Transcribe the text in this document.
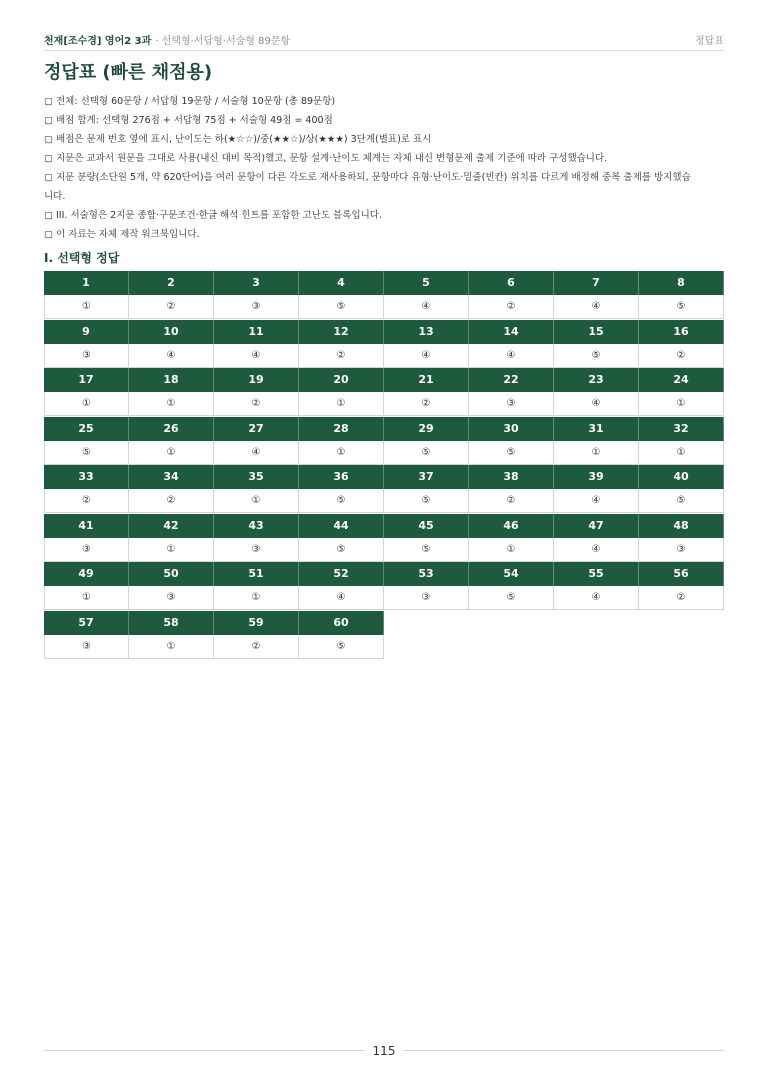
천재[조수경] 영어2 3과 · 선택형·서답형·서술형 89문항	정답표
정답표 (빠른 채점용)
▢ 전체: 선택형 60문항 / 서답형 19문항 / 서술형 10문항 (총 89문항)
▢ 배점 합계: 선택형 276점 + 서답형 75점 + 서술형 49점 = 400점
▢ 배점은 문제 번호 옆에 표시, 난이도는 하(★☆☆)/중(★★☆)/상(★★★) 3단계(별표)로 표시
▢ 지문은 교과서 원문을 그대로 사용(내신 대비 목적)했고, 문항 설계·난이도 체계는 자체 내신 변형문제 출제 기준에 따라 구성했습니다.
▢ 지문 분량(소단원 5개, 약 620단어)을 여러 문항이 다른 각도로 재사용하되, 문항마다 유형·난이도·밑줄(빈칸) 위치를 다르게 배정해 중복 출제를 방지했습
니다.
▢ III. 서술형은 2지문 종합·구문조건·한글 해석 힌트를 포함한 고난도 블록입니다.
▢ 이 자료는 자체 제작 워크북입니다.
I. 선택형 정답
1	2	3	4	5	6	7	8
①	②	③	⑤	④	②	④	⑤
9	10	11	12	13	14	15	16
③	④	④	②	④	④	⑤	②
17	18	19	20	21	22	23	24
①	①	②	①	②	③	④	①
25	26	27	28	29	30	31	32
⑤	①	④	①	⑤	⑤	①	①
33	34	35	36	37	38	39	40
②	②	①	⑤	⑤	②	④	⑤
41	42	43	44	45	46	47	48
③	①	③	⑤	⑤	①	④	③
49	50	51	52	53	54	55	56
①	③	①	④	③	⑤	④	②
57	58	59	60
③	①	②	⑤
115
